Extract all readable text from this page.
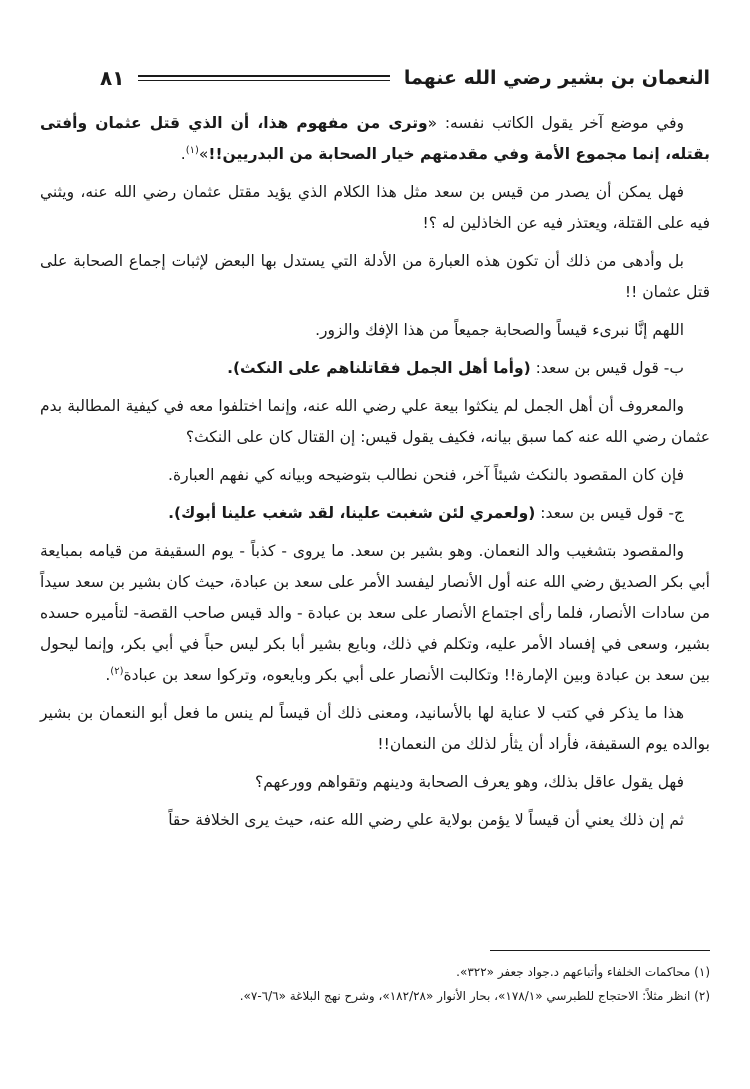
النعمان بن بشير رضي الله عنهما
٨١

وفي موضع آخر يقول الكاتب نفسه: «وترى من مفهوم هذا، أن الذي قتل عثمان وأفتى بقتله، إنما مجموع الأمة وفي مقدمتهم خيار الصحابة من البدريين!!»$^{(١)}$.

فهل يمكن أن يصدر من قيس بن سعد مثل هذا الكلام الذي يؤيد مقتل عثمان رضي الله عنه، ويثني فيه على القتلة، ويعتذر فيه عن الخاذلين له ؟!

بل وأدهى من ذلك أن تكون هذه العبارة من الأدلة التي يستدل بها البعض لإثبات إجماع الصحابة على قتل عثمان !!

اللهم إنَّا نبرىء قيساً والصحابة جميعاً من هذا الإفك والزور.

ب- قول قيس بن سعد: (وأما أهل الجمل فقاتلناهم على النكث).

والمعروف أن أهل الجمل لم ينكثوا بيعة علي رضي الله عنه، وإنما اختلفوا معه في كيفية المطالبة بدم عثمان رضي الله عنه كما سبق بيانه، فكيف يقول قيس: إن القتال كان على النكث؟

فإن كان المقصود بالنكث شيئاً آخر، فنحن نطالب بتوضيحه وبيانه كي نفهم العبارة.

ج- قول قيس بن سعد: (ولعمري لئن شغبت علينا، لقد شغب علينا أبوك).

والمقصود بتشغيب والد النعمان. وهو بشير بن سعد. ما يروى - كذباً - يوم السقيفة من قيامه بمبايعة أبي بكر الصديق رضي الله عنه أول الأنصار ليفسد الأمر على سعد بن عبادة، حيث كان بشير بن سعد سيداً من سادات الأنصار، فلما رأى اجتماع الأنصار على سعد بن عبادة - والد قيس صاحب القصة- لتأميره حسده بشير، وسعى في إفساد الأمر عليه، وتكلم في ذلك، وبايع بشير أبا بكر ليس حباً في أبي بكر، وإنما ليحول بين سعد بن عبادة وبين الإمارة!! وتكالبت الأنصار على أبي بكر وبايعوه، وتركوا سعد بن عبادة$^{(٢)}$.

هذا ما يذكر في كتب لا عناية لها بالأسانيد، ومعنى ذلك أن قيساً لم ينس ما فعل أبو النعمان بن بشير بوالده يوم السقيفة، فأراد أن يثأر لذلك من النعمان!!

فهل يقول عاقل بذلك، وهو يعرف الصحابة ودينهم وتقواهم وورعهم؟

ثم إن ذلك يعني أن قيساً لا يؤمن بولاية علي رضي الله عنه، حيث يرى الخلافة حقاً

(١) محاكمات الخلفاء وأتباعهم د.جواد جعفر «٣٢٢».
(٢) انظر مثلاً: الاحتجاج للطبرسي «١٧٨/١»، بحار الأنوار «١٨٢/٢٨»، وشرح نهج البلاغة «٦/٦-٧».
